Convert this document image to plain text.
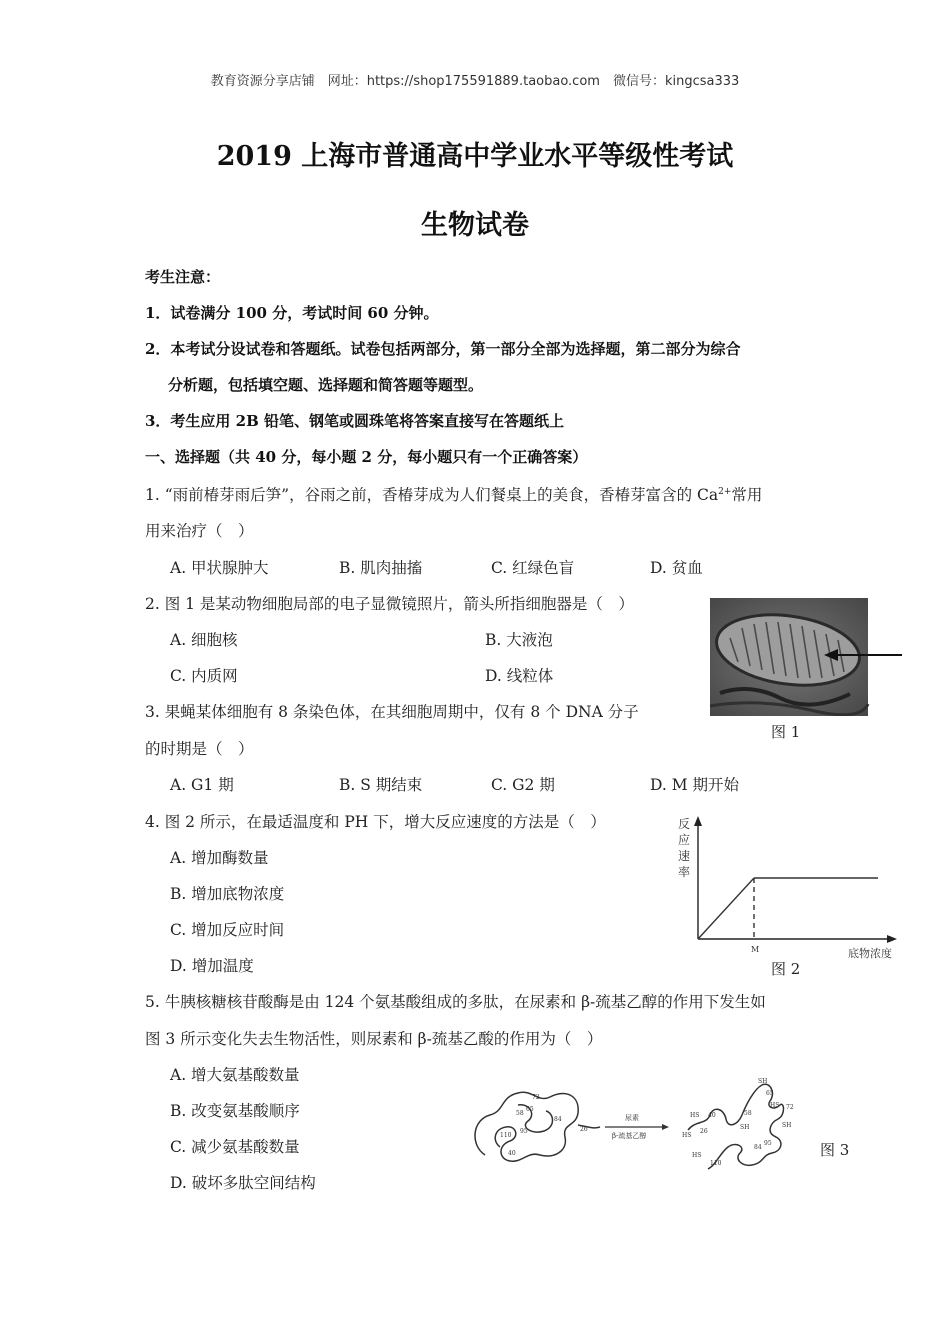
教育资源分享店铺　网址：https://shop175591889.taobao.com　微信号：kingcsa333
2019 上海市普通高中学业水平等级性考试
生物试卷
考生注意：
1．试卷满分 100 分，考试时间 60 分钟。
2．本考试分设试卷和答题纸。试卷包括两部分，第一部分全部为选择题，第二部分为综合
分析题，包括填空题、选择题和简答题等题型。
3．考生应用 2B 铅笔、钢笔或圆珠笔将答案直接写在答题纸上
一、选择题（共 40 分，每小题 2 分，每小题只有一个正确答案）
1. “雨前椿芽雨后笋”，谷雨之前，香椿芽成为人们餐桌上的美食，香椿芽富含的 $Ca^{2+}$常用
用来治疗（　）
A. 甲状腺肿大	B. 肌肉抽搐	C. 红绿色盲	D. 贫血
2. 图 1 是某动物细胞局部的电子显微镜照片，箭头所指细胞器是（　）
A. 细胞核	B. 大液泡
C. 内质网	D. 线粒体
图 1
3. 果蝇某体细胞有 8 条染色体，在其细胞周期中，仅有 8 个 DNA 分子
的时期是（　）
A. G1 期	B. S 期结束	C. G2 期	D. M 期开始
4. 图 2 所示，在最适温度和 PH 下，增大反应速度的方法是（　）
A. 增加酶数量
B. 增加底物浓度
C. 增加反应时间
D. 增加温度
反
应
速
率
M	底物浓度
图 2
5. 牛胰核糖核苷酸酶是由 124 个氨基酸组成的多肽，在尿素和 β-巯基乙醇的作用下发生如
图 3 所示变化失去生物活性，则尿素和 β-巯基乙酸的作用为（　）
A. 增大氨基酸数量
B. 改变氨基酸顺序
C. 减少氨基酸数量
D. 破坏多肽空间结构
72
65
58
110
95
84
26
40
尿素
β-巯基乙醇
SH
65
HS 72
HS 40	58
SH	SH
HS
26
95
84
HS
110
图 3
